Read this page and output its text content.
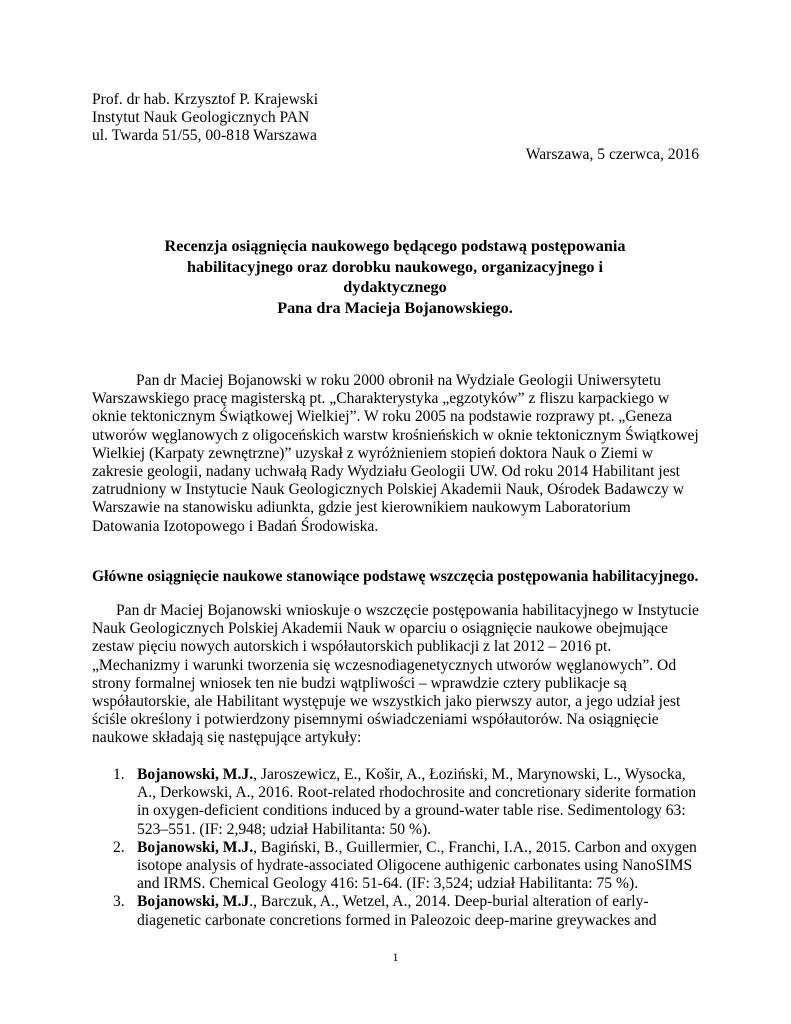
Prof. dr hab. Krzysztof P. Krajewski
Instytut Nauk Geologicznych PAN
ul. Twarda 51/55, 00-818 Warszawa
Warszawa, 5 czerwca, 2016
Recenzja osiągnięcia naukowego będącego podstawą postępowania
habilitacyjnego oraz dorobku naukowego, organizacyjnego i
dydaktycznego
Pana dra Macieja Bojanowskiego.
Pan dr Maciej Bojanowski w roku 2000 obronił na Wydziale Geologii Uniwersytetu
Warszawskiego pracę magisterską pt. „Charakterystyka „egzotyków” z fliszu karpackiego w
oknie tektonicznym Świątkowej Wielkiej”. W roku 2005 na podstawie rozprawy pt. „Geneza
utworów węglanowych z oligoceńskich warstw krośnieńskich w oknie tektonicznym Świątkowej
Wielkiej (Karpaty zewnętrzne)” uzyskał z wyróżnieniem stopień doktora Nauk o Ziemi w
zakresie geologii, nadany uchwałą Rady Wydziału Geologii UW. Od roku 2014 Habilitant jest
zatrudniony w Instytucie Nauk Geologicznych Polskiej Akademii Nauk, Ośrodek Badawczy w
Warszawie na stanowisku adiunkta, gdzie jest kierownikiem naukowym Laboratorium
Datowania Izotopowego i Badań Środowiska.
Główne osiągnięcie naukowe stanowiące podstawę wszczęcia postępowania habilitacyjnego.
Pan dr Maciej Bojanowski wnioskuje o wszczęcie postępowania habilitacyjnego w Instytucie
Nauk Geologicznych Polskiej Akademii Nauk w oparciu o osiągnięcie naukowe obejmujące
zestaw pięciu nowych autorskich i współautorskich publikacji z lat 2012 – 2016 pt.
„Mechanizmy i warunki tworzenia się wczesnodiagenetycznych utworów węglanowych”. Od
strony formalnej wniosek ten nie budzi wątpliwości – wprawdzie cztery publikacje są
współautorskie, ale Habilitant występuje we wszystkich jako pierwszy autor, a jego udział jest
ściśle określony i potwierdzony pisemnymi oświadczeniami współautorów. Na osiągnięcie
naukowe składają się następujące artykuły:
1. Bojanowski, M.J., Jaroszewicz, E., Košir, A., Łoziński, M., Marynowski, L., Wysocka,
A., Derkowski, A., 2016. Root-related rhodochrosite and concretionary siderite formation
in oxygen-deficient conditions induced by a ground-water table rise. Sedimentology 63:
523–551. (IF: 2,948; udział Habilitanta: 50 %).
2. Bojanowski, M.J., Bagiński, B., Guillermier, C., Franchi, I.A., 2015. Carbon and oxygen
isotope analysis of hydrate-associated Oligocene authigenic carbonates using NanoSIMS
and IRMS. Chemical Geology 416: 51-64. (IF: 3,524; udział Habilitanta: 75 %).
3. Bojanowski, M.J., Barczuk, A., Wetzel, A., 2014. Deep-burial alteration of early-
diagenetic carbonate concretions formed in Paleozoic deep-marine greywackes and
1
